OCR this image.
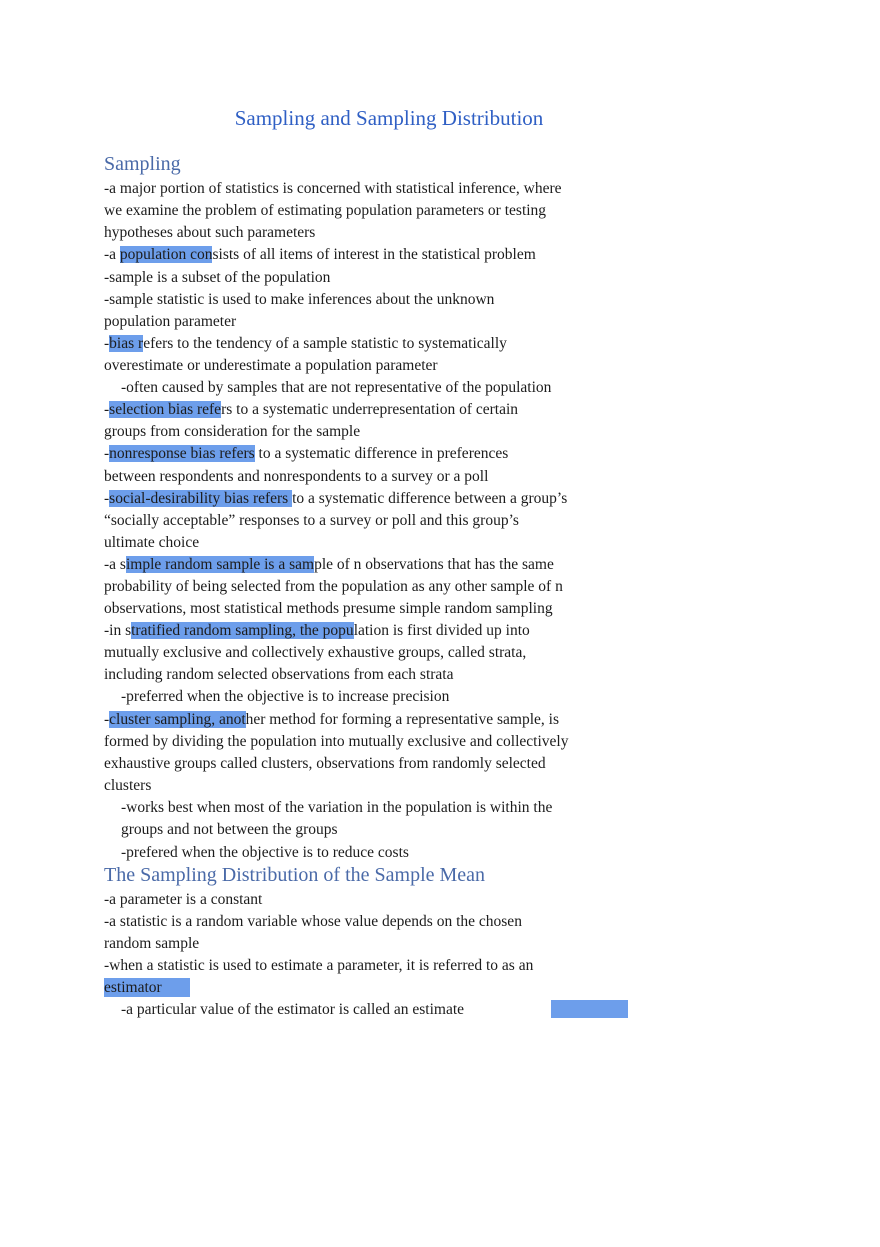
Sampling and Sampling Distribution
Sampling
-a major portion of statistics is concerned with statistical inference, where
we examine the problem of estimating population parameters or testing
hypotheses about such parameters
-a population consists of all items of interest in the statistical problem
-sample is a subset of the population
-sample statistic is used to make inferences about the unknown
population parameter
-bias refers to the tendency of a sample statistic to systematically
overestimate or underestimate a population parameter
-often caused by samples that are not representative of the population
-selection bias refers to a systematic underrepresentation of certain
groups from consideration for the sample
-nonresponse bias refers to a systematic difference in preferences
between respondents and nonrespondents to a survey or a poll
-social-desirability bias refers to a systematic difference between a group’s
“socially acceptable” responses to a survey or poll and this group’s
ultimate choice
-a simple random sample is a sample of n observations that has the same
probability of being selected from the population as any other sample of n
observations, most statistical methods presume simple random sampling
-in stratified random sampling, the population is first divided up into
mutually exclusive and collectively exhaustive groups, called strata,
including random selected observations from each strata
-preferred when the objective is to increase precision
-cluster sampling, another method for forming a representative sample, is
formed by dividing the population into mutually exclusive and collectively
exhaustive groups called clusters, observations from randomly selected
clusters
-works best when most of the variation in the population is within the
groups and not between the groups
-prefered when the objective is to reduce costs
The Sampling Distribution of the Sample Mean
-a parameter is a constant
-a statistic is a random variable whose value depends on the chosen
random sample
-when a statistic is used to estimate a parameter, it is referred to as an
estimator
-a particular value of the estimator is called an estimate
